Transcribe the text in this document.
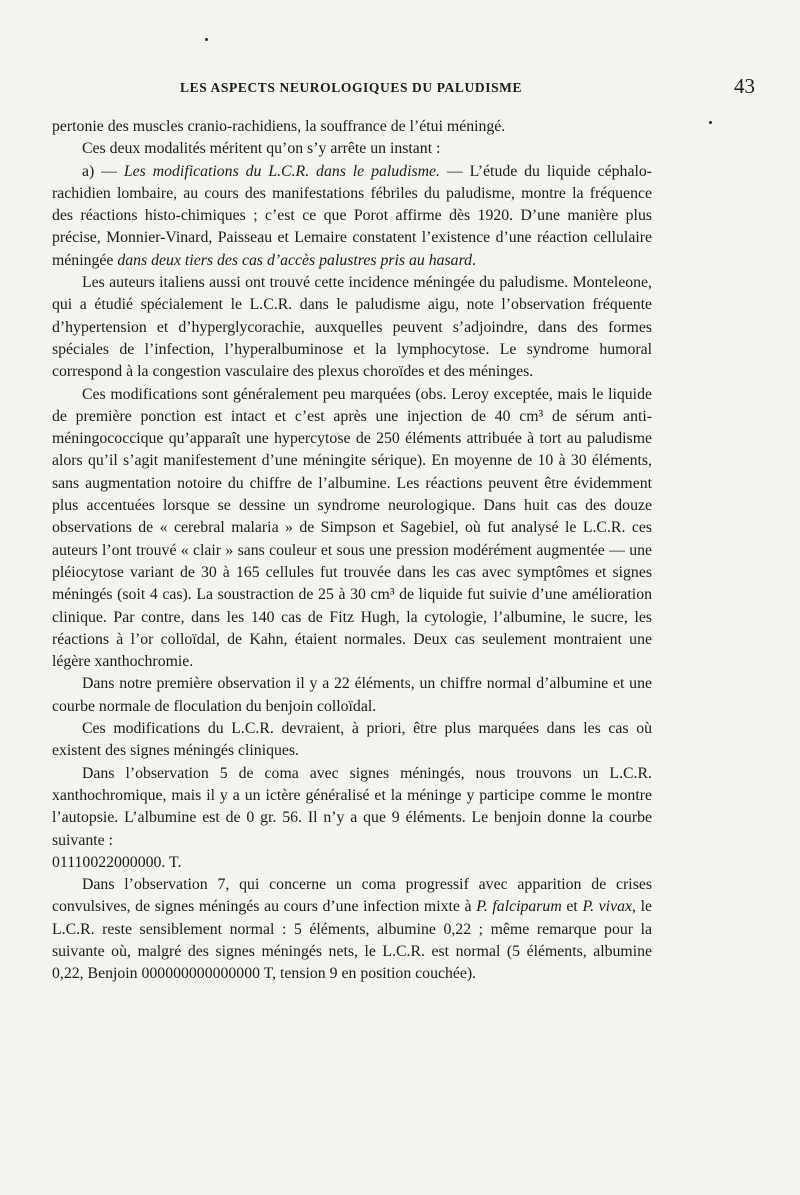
LES ASPECTS NEUROLOGIQUES DU PALUDISME	43

pertonie des muscles cranio-rachidiens, la souffrance de l’étui méningé.

Ces deux modalités méritent qu’on s’y arrête un instant :

a) — Les modifications du L.C.R. dans le paludisme. — L’étude du liquide céphalo-rachidien lombaire, au cours des manifestations fébriles du paludisme, montre la fréquence des réactions histo-chimiques ; c’est ce que Porot affirme dès 1920. D’une manière plus précise, Monnier-Vinard, Paisseau et Lemaire constatent l’existence d’une réaction cellulaire méningée dans deux tiers des cas d’accès palustres pris au hasard.

Les auteurs italiens aussi ont trouvé cette incidence méningée du paludisme. Monteleone, qui a étudié spécialement le L.C.R. dans le paludisme aigu, note l’observation fréquente d’hypertension et d’hyperglycorachie, auxquelles peuvent s’adjoindre, dans des formes spéciales de l’infection, l’hyperalbuminose et la lymphocytose. Le syndrome humoral correspond à la congestion vasculaire des plexus choroïdes et des méninges.

Ces modifications sont généralement peu marquées (obs. Leroy exceptée, mais le liquide de première ponction est intact et c’est après une injection de 40 cm³ de sérum anti-méningococcique qu’apparaît une hypercytose de 250 éléments attribuée à tort au paludisme alors qu’il s’agit manifestement d’une méningite sérique). En moyenne de 10 à 30 éléments, sans augmentation notoire du chiffre de l’albumine. Les réactions peuvent être évidemment plus accentuées lorsque se dessine un syndrome neurologique. Dans huit cas des douze observations de « cerebral malaria » de Simpson et Sagebiel, où fut analysé le L.C.R. ces auteurs l’ont trouvé « clair » sans couleur et sous une pression modérément augmentée — une pléiocytose variant de 30 à 165 cellules fut trouvée dans les cas avec symptômes et signes méningés (soit 4 cas). La soustraction de 25 à 30 cm³ de liquide fut suivie d’une amélioration clinique. Par contre, dans les 140 cas de Fitz Hugh, la cytologie, l’albumine, le sucre, les réactions à l’or colloïdal, de Kahn, étaient normales. Deux cas seulement montraient une légère xanthochromie.

Dans notre première observation il y a 22 éléments, un chiffre normal d’albumine et une courbe normale de floculation du benjoin colloïdal.

Ces modifications du L.C.R. devraient, à priori, être plus marquées dans les cas où existent des signes méningés cliniques.

Dans l’observation 5 de coma avec signes méningés, nous trouvons un L.C.R. xanthochromique, mais il y a un ictère généralisé et la méninge y participe comme le montre l’autopsie. L’albumine est de 0 gr. 56. Il n’y a que 9 éléments. Le benjoin donne la courbe suivante :

01110022000000. T.

Dans l’observation 7, qui concerne un coma progressif avec apparition de crises convulsives, de signes méningés au cours d’une infection mixte à P. falciparum et P. vivax, le L.C.R. reste sensiblement normal : 5 éléments, albumine 0,22 ; même remarque pour la suivante où, malgré des signes méningés nets, le L.C.R. est normal (5 éléments, albumine 0,22, Benjoin 000000000000000 T, tension 9 en position couchée).
